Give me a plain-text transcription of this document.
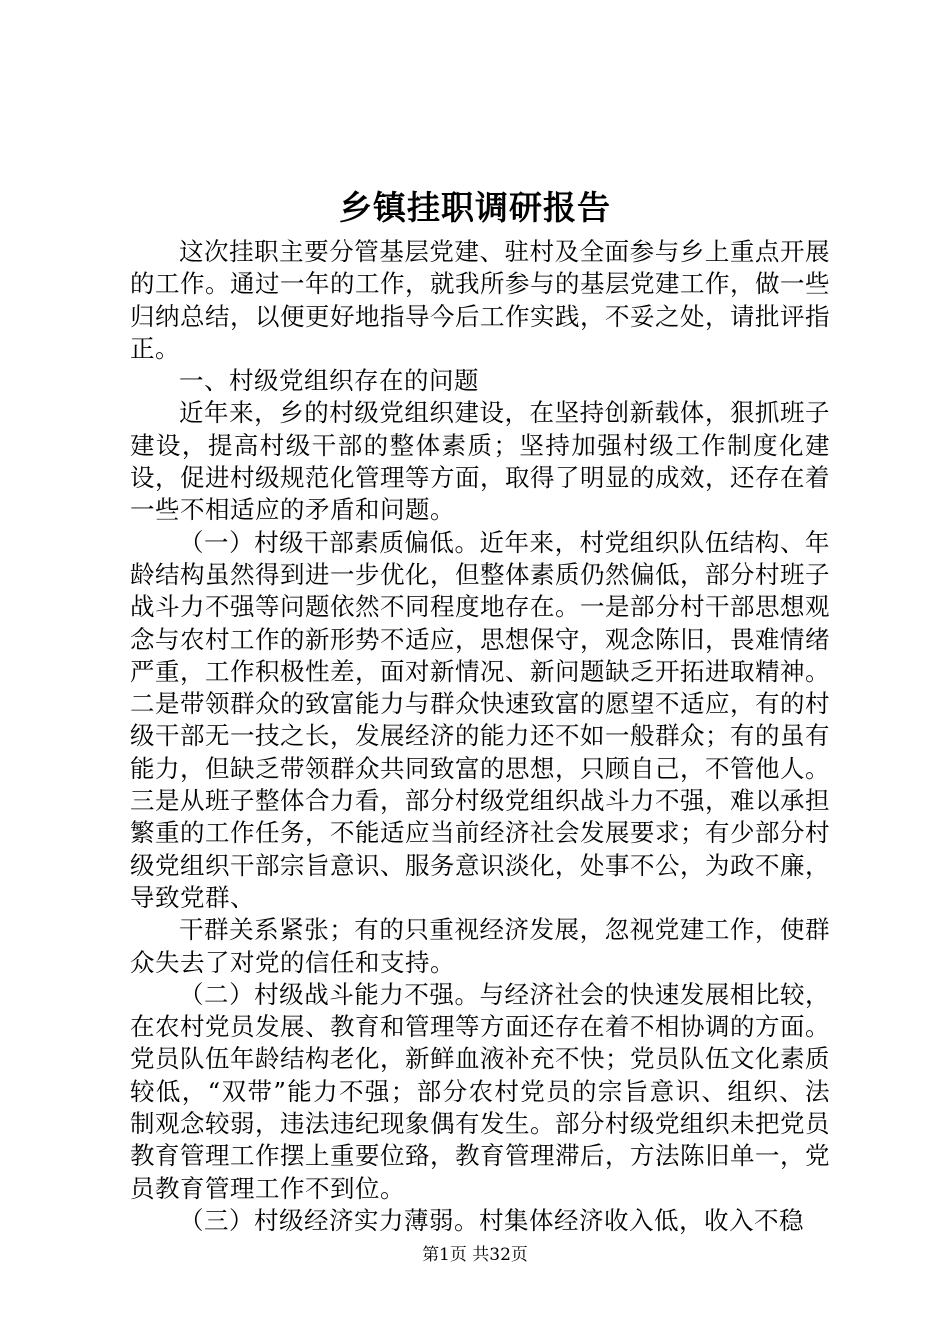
乡镇挂职调研报告

这次挂职主要分管基层党建、驻村及全面参与乡上重点开展的工作。通过一年的工作，就我所参与的基层党建工作，做一些归纳总结，以便更好地指导今后工作实践，不妥之处，请批评指正。

一、村级党组织存在的问题

近年来，乡的村级党组织建设，在坚持创新载体，狠抓班子建设，提高村级干部的整体素质；坚持加强村级工作制度化建设，促进村级规范化管理等方面，取得了明显的成效，还存在着一些不相适应的矛盾和问题。

（一）村级干部素质偏低。近年来，村党组织队伍结构、年龄结构虽然得到进一步优化，但整体素质仍然偏低，部分村班子战斗力不强等问题依然不同程度地存在。一是部分村干部思想观念与农村工作的新形势不适应，思想保守，观念陈旧，畏难情绪严重，工作积极性差，面对新情况、新问题缺乏开拓进取精神。二是带领群众的致富能力与群众快速致富的愿望不适应，有的村级干部无一技之长，发展经济的能力还不如一般群众；有的虽有能力，但缺乏带领群众共同致富的思想，只顾自己，不管他人。三是从班子整体合力看，部分村级党组织战斗力不强，难以承担繁重的工作任务，不能适应当前经济社会发展要求；有少部分村级党组织干部宗旨意识、服务意识淡化，处事不公，为政不廉，导致党群、

干群关系紧张；有的只重视经济发展，忽视党建工作，使群众失去了对党的信任和支持。

（二）村级战斗能力不强。与经济社会的快速发展相比较，在农村党员发展、教育和管理等方面还存在着不相协调的方面。党员队伍年龄结构老化，新鲜血液补充不快；党员队伍文化素质较低，“双带”能力不强；部分农村党员的宗旨意识、组织、法制观念较弱，违法违纪现象偶有发生。部分村级党组织未把党员教育管理工作摆上重要位臵，教育管理滞后，方法陈旧单一，党员教育管理工作不到位。

（三）村级经济实力薄弱。村集体经济收入低，收入不稳

第1页 共32页
